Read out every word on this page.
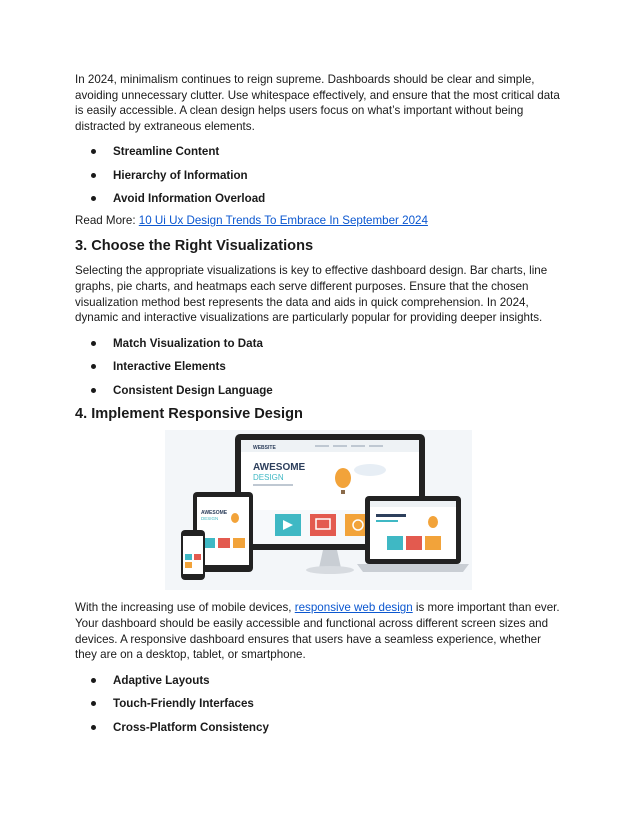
In 2024, minimalism continues to reign supreme. Dashboards should be clear and simple, avoiding unnecessary clutter. Use whitespace effectively, and ensure that the most critical data is easily accessible. A clean design helps users focus on what’s important without being distracted by extraneous elements.

Streamline Content
Hierarchy of Information
Avoid Information Overload

Read More: 10 Ui Ux Design Trends To Embrace In September 2024

3. Choose the Right Visualizations

Selecting the appropriate visualizations is key to effective dashboard design. Bar charts, line graphs, pie charts, and heatmaps each serve different purposes. Ensure that the chosen visualization method best represents the data and aids in quick comprehension. In 2024, dynamic and interactive visualizations are particularly popular for providing deeper insights.

Match Visualization to Data
Interactive Elements
Consistent Design Language
4. Implement Responsive Design
WEBSITE
AWESOME
DESIGN
AWESOME
DESIGN

With the increasing use of mobile devices, responsive web design is more important than ever. Your dashboard should be easily accessible and functional across different screen sizes and devices. A responsive dashboard ensures that users have a seamless experience, whether they are on a desktop, tablet, or smartphone.

Adaptive Layouts
Touch-Friendly Interfaces
Cross-Platform Consistency
